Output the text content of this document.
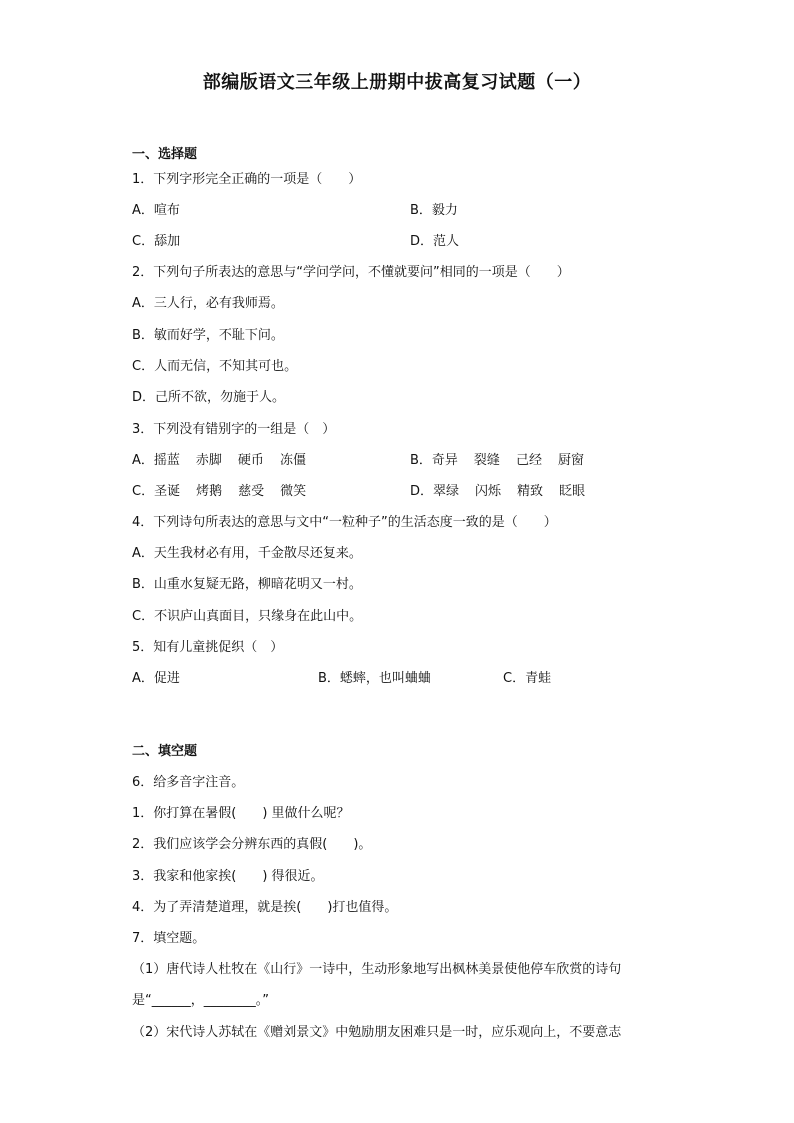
部编版语文三年级上册期中拔高复习试题（一）
一、选择题
1．下列字形完全正确的一项是（　　）
A．喧布	B．毅力
C．舔加	D．范人
2．下列句子所表达的意思与“学问学问，不懂就要问”相同的一项是（　　）
A．三人行，必有我师焉。
B．敏而好学，不耻下问。
C．人而无信，不知其可也。
D．己所不欲，勿施于人。
3．下列没有错别字的一组是（　）
A．摇蓝 赤脚 硬币 冻僵	B．奇异 裂缝 己经 厨窗
C．圣诞 烤鹅 慈受 微笑	D．翠绿 闪烁 精致 眨眼
4．下列诗句所表达的意思与文中“一粒种子”的生活态度一致的是（　　）
A．天生我材必有用，千金散尽还复来。
B．山重水复疑无路，柳暗花明又一村。
C．不识庐山真面目，只缘身在此山中。
5．知有儿童挑促织（　）
A．促进	B．蟋蟀，也叫蛐蛐	C．青蛙
二、填空题
6．给多音字注音。
1．你打算在暑假(　　) 里做什么呢？
2．我们应该学会分辨东西的真假(　　)。
3．我家和他家挨(　　) 得很近。
4．为了弄清楚道理，就是挨(　　)打也值得。
7．填空题。
（1）唐代诗人杜牧在《山行》一诗中，生动形象地写出枫林美景使他停车欣赏的诗句
是“______，________。”
（2）宋代诗人苏轼在《赠刘景文》中勉励朋友困难只是一时，应乐观向上，不要意志
